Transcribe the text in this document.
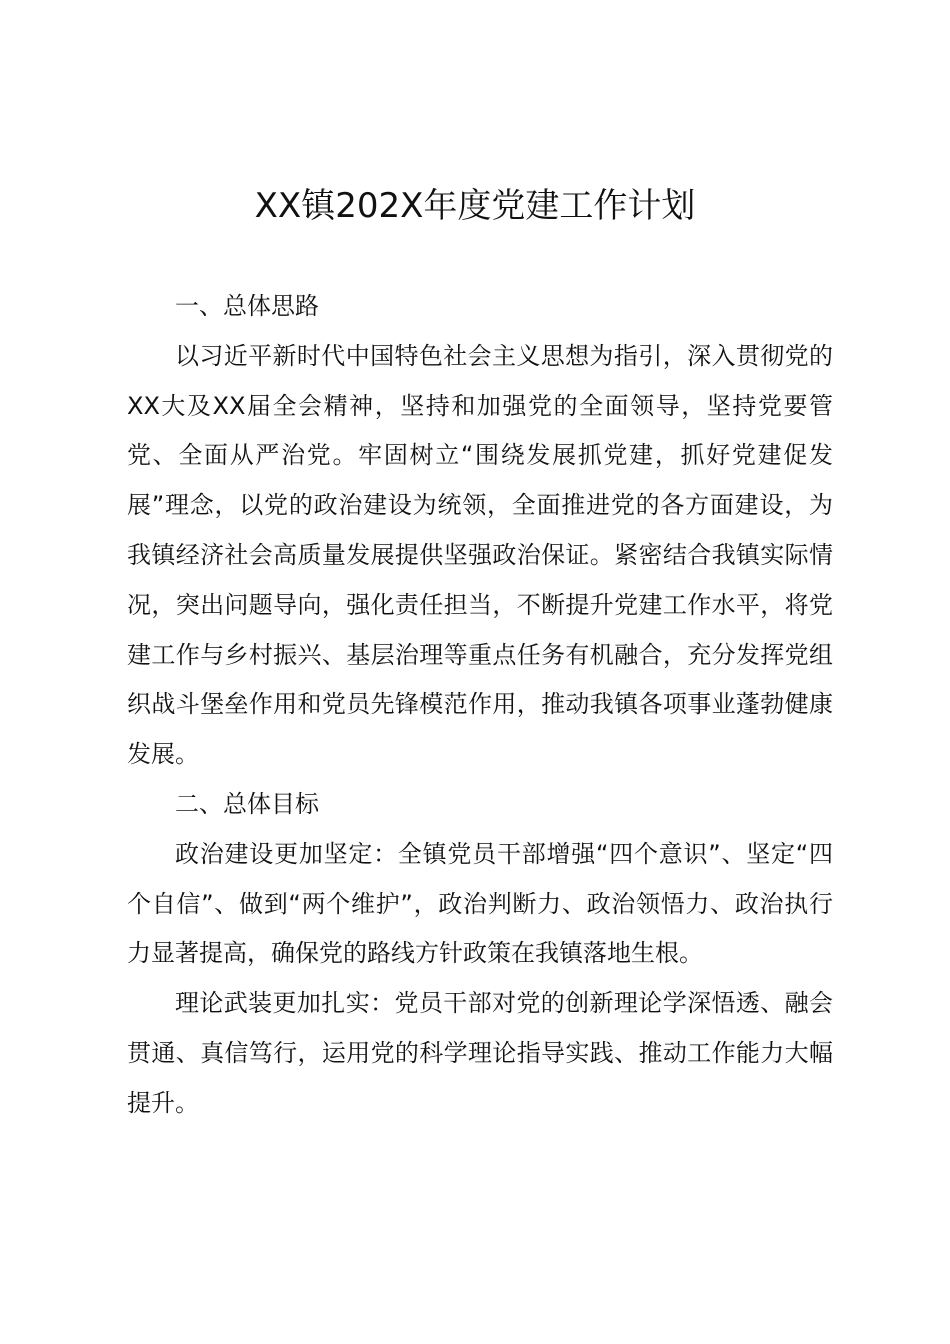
XX镇202X年度党建工作计划
一、总体思路

以习近平新时代中国特色社会主义思想为指引，深入贯彻党的XX大及XX届全会精神，坚持和加强党的全面领导，坚持党要管党、全面从严治党。牢固树立“围绕发展抓党建，抓好党建促发展”理念，以党的政治建设为统领，全面推进党的各方面建设，为我镇经济社会高质量发展提供坚强政治保证。紧密结合我镇实际情况，突出问题导向，强化责任担当，不断提升党建工作水平，将党建工作与乡村振兴、基层治理等重点任务有机融合，充分发挥党组织战斗堡垒作用和党员先锋模范作用，推动我镇各项事业蓬勃健康发展。

二、总体目标

政治建设更加坚定：全镇党员干部增强“四个意识”、坚定“四个自信”、做到“两个维护”，政治判断力、政治领悟力、政治执行力显著提高，确保党的路线方针政策在我镇落地生根。

理论武装更加扎实：党员干部对党的创新理论学深悟透、融会贯通、真信笃行，运用党的科学理论指导实践、推动工作能力大幅提升。
